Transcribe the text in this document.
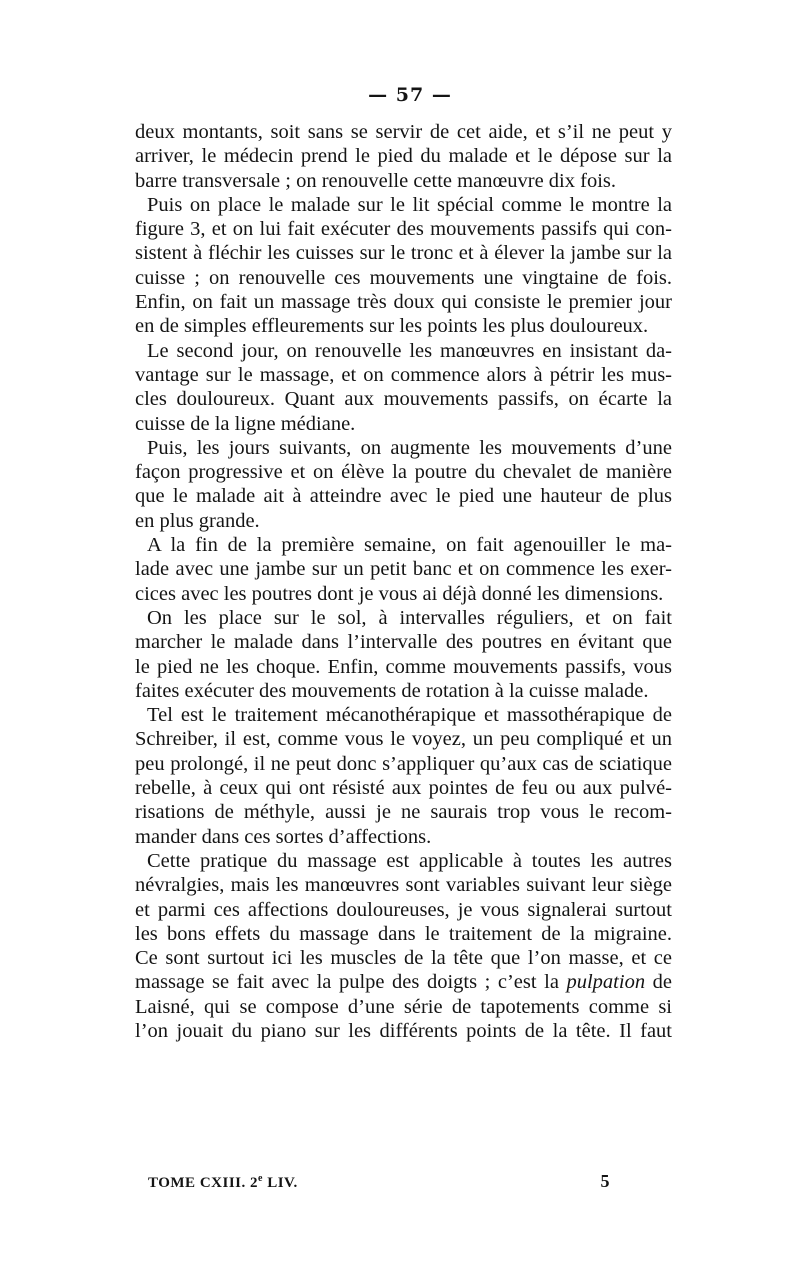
— 57 —
deux montants, soit sans se servir de cet aide, et s’il ne peut y
arriver, le médecin prend le pied du malade et le dépose sur la
barre transversale ; on renouvelle cette manœuvre dix fois.
Puis on place le malade sur le lit spécial comme le montre la
figure 3, et on lui fait exécuter des mouvements passifs qui con-
sistent à fléchir les cuisses sur le tronc et à élever la jambe sur la
cuisse ; on renouvelle ces mouvements une vingtaine de fois.
Enfin, on fait un massage très doux qui consiste le premier jour
en de simples effleurements sur les points les plus douloureux.
Le second jour, on renouvelle les manœuvres en insistant da-
vantage sur le massage, et on commence alors à pétrir les mus-
cles douloureux. Quant aux mouvements passifs, on écarte la
cuisse de la ligne médiane.
Puis, les jours suivants, on augmente les mouvements d’une
façon progressive et on élève la poutre du chevalet de manière
que le malade ait à atteindre avec le pied une hauteur de plus
en plus grande.
A la fin de la première semaine, on fait agenouiller le ma-
lade avec une jambe sur un petit banc et on commence les exer-
cices avec les poutres dont je vous ai déjà donné les dimensions.
On les place sur le sol, à intervalles réguliers, et on fait
marcher le malade dans l’intervalle des poutres en évitant que
le pied ne les choque. Enfin, comme mouvements passifs, vous
faites exécuter des mouvements de rotation à la cuisse malade.
Tel est le traitement mécanothérapique et massothérapique de
Schreiber, il est, comme vous le voyez, un peu compliqué et un
peu prolongé, il ne peut donc s’appliquer qu’aux cas de sciatique
rebelle, à ceux qui ont résisté aux pointes de feu ou aux pulvé-
risations de méthyle, aussi je ne saurais trop vous le recom-
mander dans ces sortes d’affections.
Cette pratique du massage est applicable à toutes les autres
névralgies, mais les manœuvres sont variables suivant leur siège
et parmi ces affections douloureuses, je vous signalerai surtout
les bons effets du massage dans le traitement de la migraine.
Ce sont surtout ici les muscles de la tête que l’on masse, et ce
massage se fait avec la pulpe des doigts ; c’est la pulpation de
Laisné, qui se compose d’une série de tapotements comme si
l’on jouait du piano sur les différents points de la tête. Il faut
TOME CXIII. 2e LIV.	5
